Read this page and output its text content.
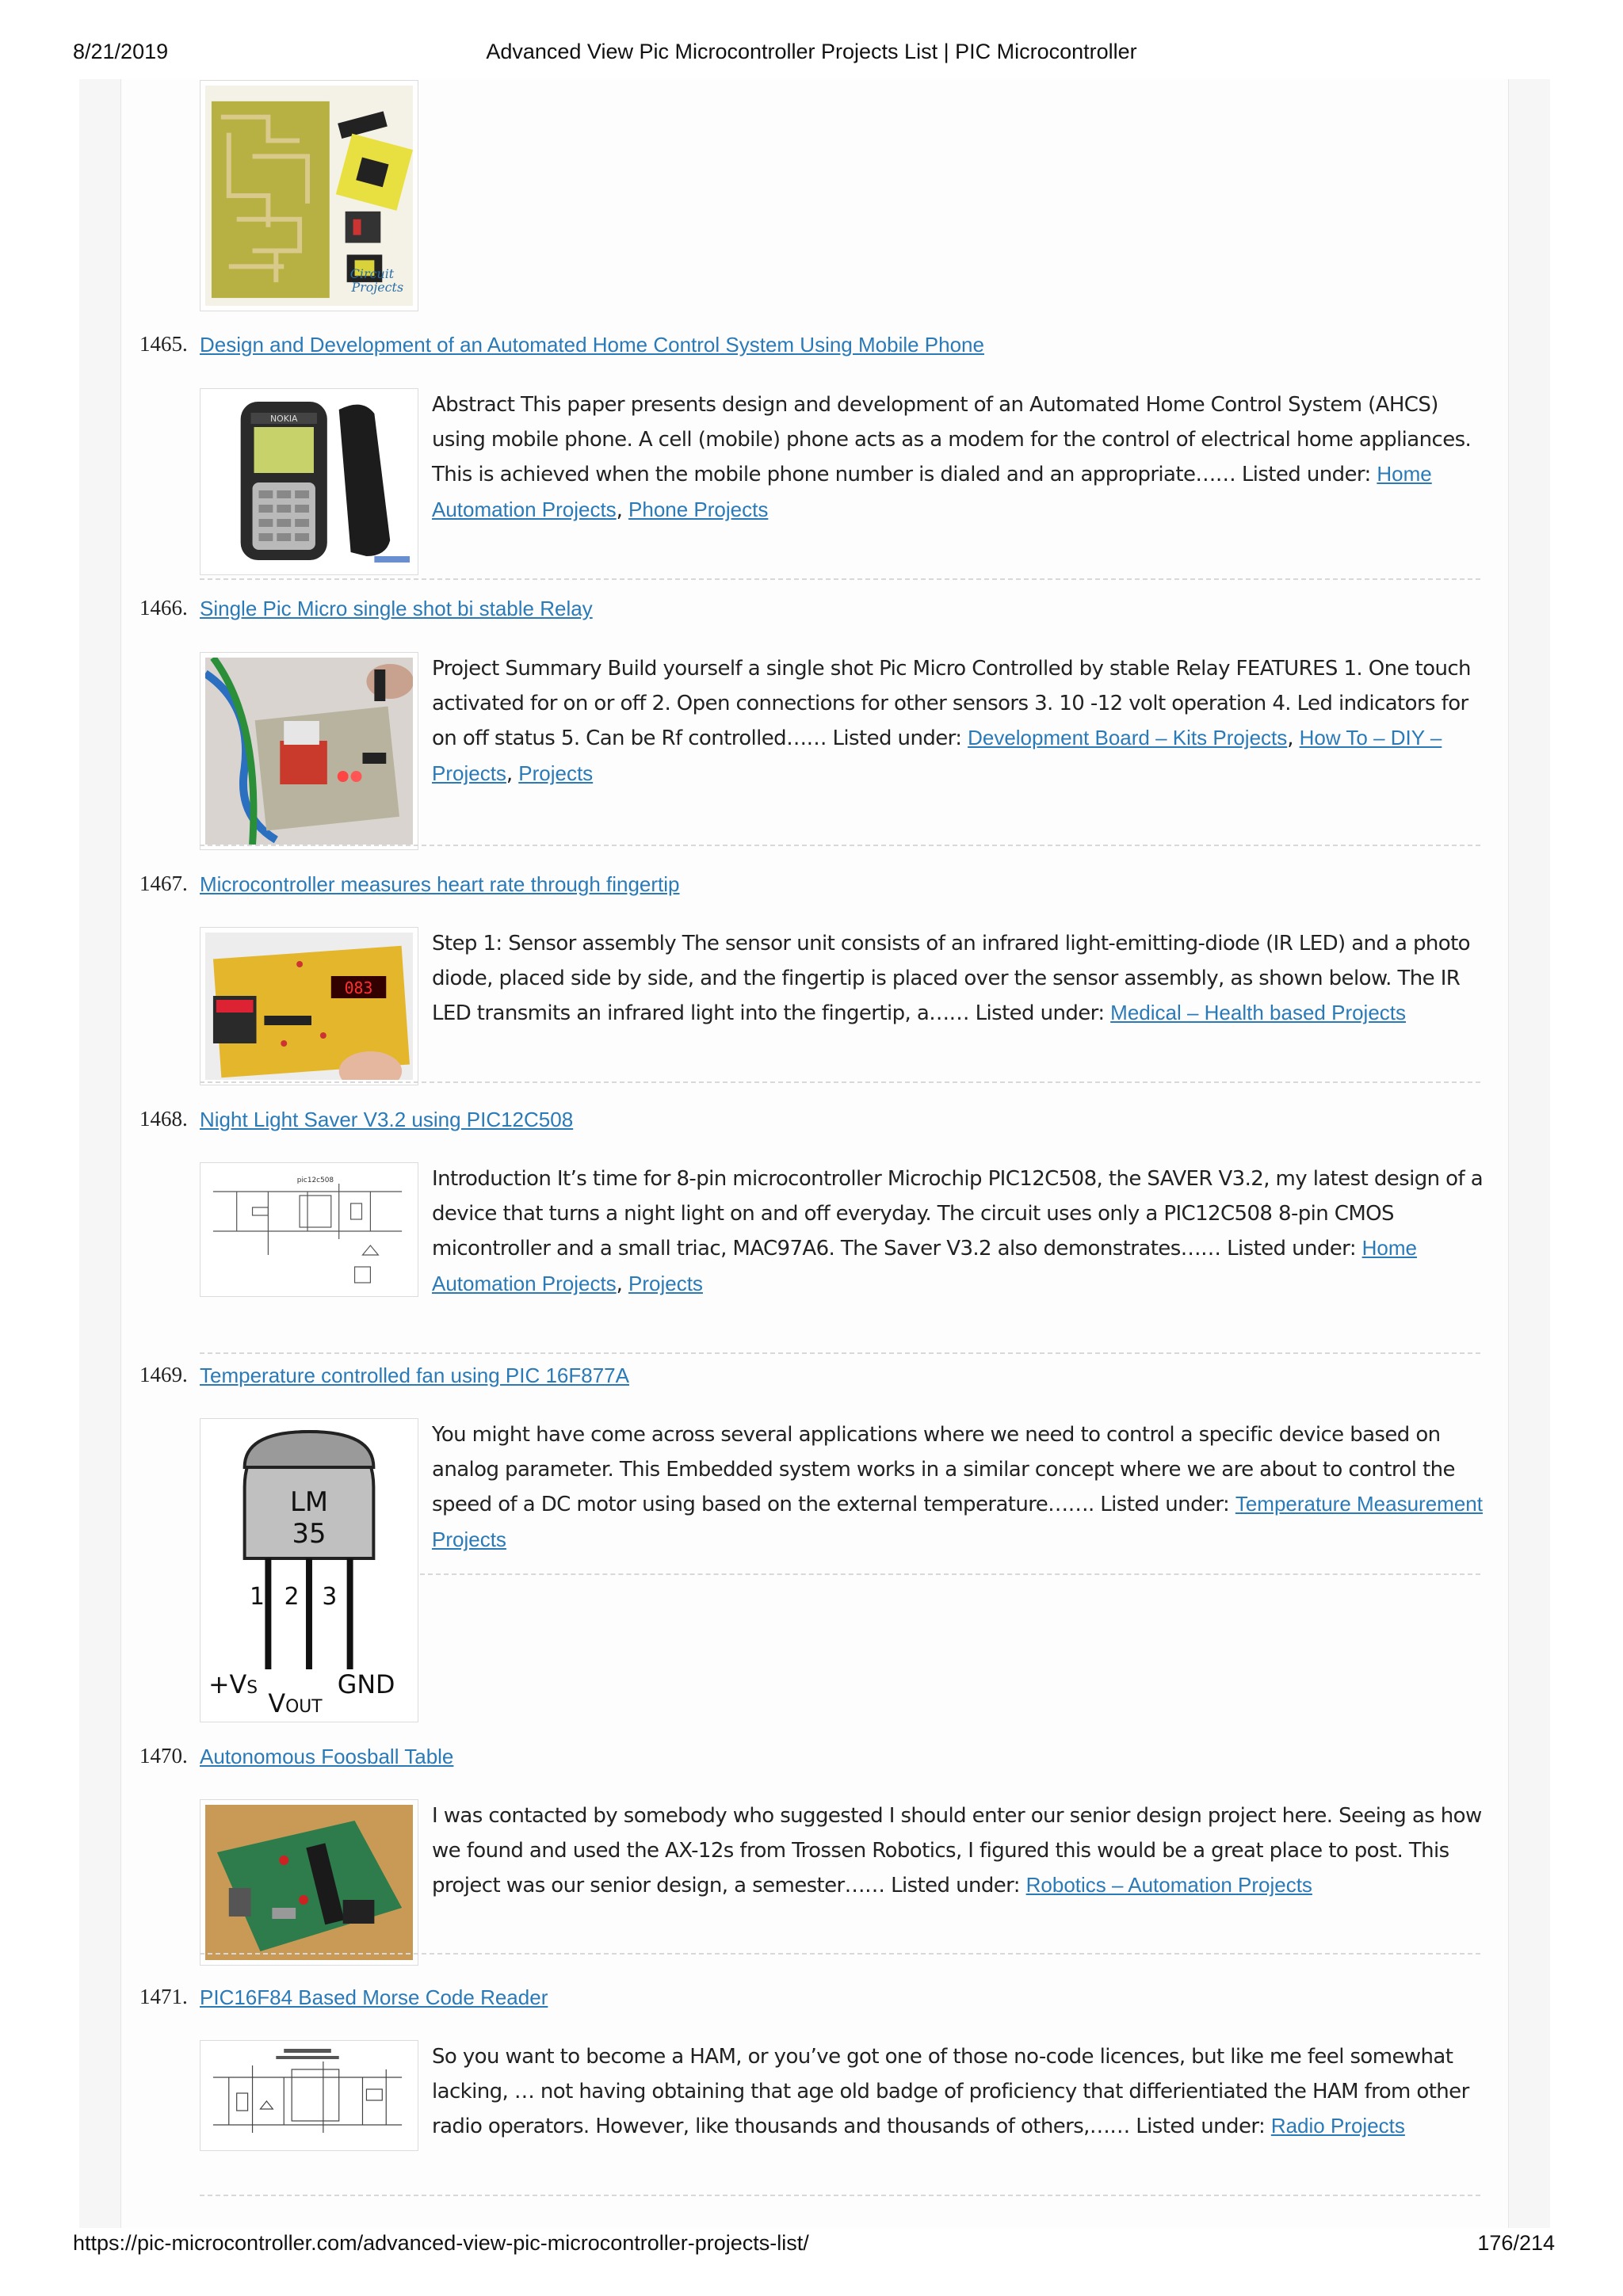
8/21/2019	Advanced View Pic Microcontroller Projects List | PIC Microcontroller
Circuit
Projects
1465. Design and Development of an Automated Home Control System Using Mobile Phone
NOKIA
Abstract This paper presents design and development of an Automated Home Control System (AHCS) using mobile phone. A cell (mobile) phone acts as a modem for the control of electrical home appliances. This is achieved when the mobile phone number is dialed and an appropriate…… Listed under: Home Automation Projects, Phone Projects
1466. Single Pic Micro single shot bi stable Relay
Project Summary Build yourself a single shot Pic Micro Controlled by stable Relay FEATURES 1. One touch activated for on or off 2. Open connections for other sensors 3. 10 -12 volt operation 4. Led indicators for on off status 5. Can be Rf controlled…… Listed under: Development Board – Kits Projects, How To – DIY – Projects, Projects
1467. Microcontroller measures heart rate through fingertip
083
Step 1: Sensor assembly The sensor unit consists of an infrared light-emitting-diode (IR LED) and a photo diode, placed side by side, and the fingertip is placed over the sensor assembly, as shown below. The IR LED transmits an infrared light into the fingertip, a…… Listed under: Medical – Health based Projects
1468. Night Light Saver V3.2 using PIC12C508
pic12c508	Introduction It’s time for 8-pin microcontroller Microchip PIC12C508, the SAVER V3.2, my latest design of a device that turns a night light on and off everyday. The circuit uses only a PIC12C508 8-pin CMOS micontroller and a small triac, MAC97A6. The Saver V3.2 also demonstrates…… Listed under: Home Automation Projects, Projects
1469. Temperature controlled fan using PIC 16F877A
LM
35
1 2 3
+VS
VOUT
GND
You might have come across several applications where we need to control a specific device based on analog parameter. This Embedded system works in a similar concept where we are about to control the speed of a DC motor using based on the external temperature……. Listed under: Temperature Measurement Projects
1470. Autonomous Foosball Table
I was contacted by somebody who suggested I should enter our senior design project here. Seeing as how we found and used the AX-12s from Trossen Robotics, I figured this would be a great place to post. This project was our senior design, a semester…… Listed under: Robotics – Automation Projects
1471. PIC16F84 Based Morse Code Reader
So you want to become a HAM, or you’ve got one of those no-code licences, but like me feel somewhat lacking, … not having obtaining that age old badge of proficiency that differientiated the HAM from other radio operators. However, like thousands and thousands of others,…… Listed under: Radio Projects
https://pic-microcontroller.com/advanced-view-pic-microcontroller-projects-list/	176/214
